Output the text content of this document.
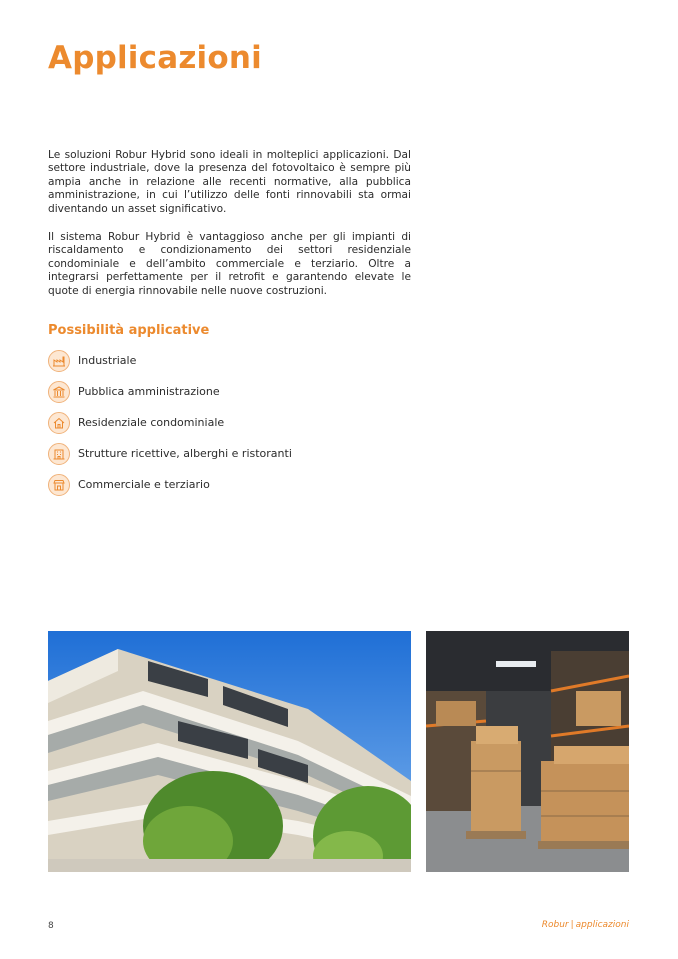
Applicazioni

Le soluzioni Robur Hybrid sono ideali in molteplici applicazioni. Dal settore industriale, dove la presenza del fotovoltaico è sempre più ampia anche in relazione alle recenti normative, alla pubblica amministrazione, in cui l’utilizzo delle fonti rinnovabili sta ormai diventando un asset significativo.

Il sistema Robur Hybrid è vantaggioso anche per gli impianti di riscaldamento e condizionamento dei settori residenziale condominiale e dell’ambito commerciale e terziario. Oltre a integrarsi perfettamente per il retrofit e garantendo elevate le quote di energia rinnovabile nelle nuove costruzioni.

Possibilità applicative
Industriale
Pubblica amministrazione
Residenziale condominiale
Strutture ricettive, alberghi e ristoranti
Commerciale e terziario
8	Robur | applicazioni
